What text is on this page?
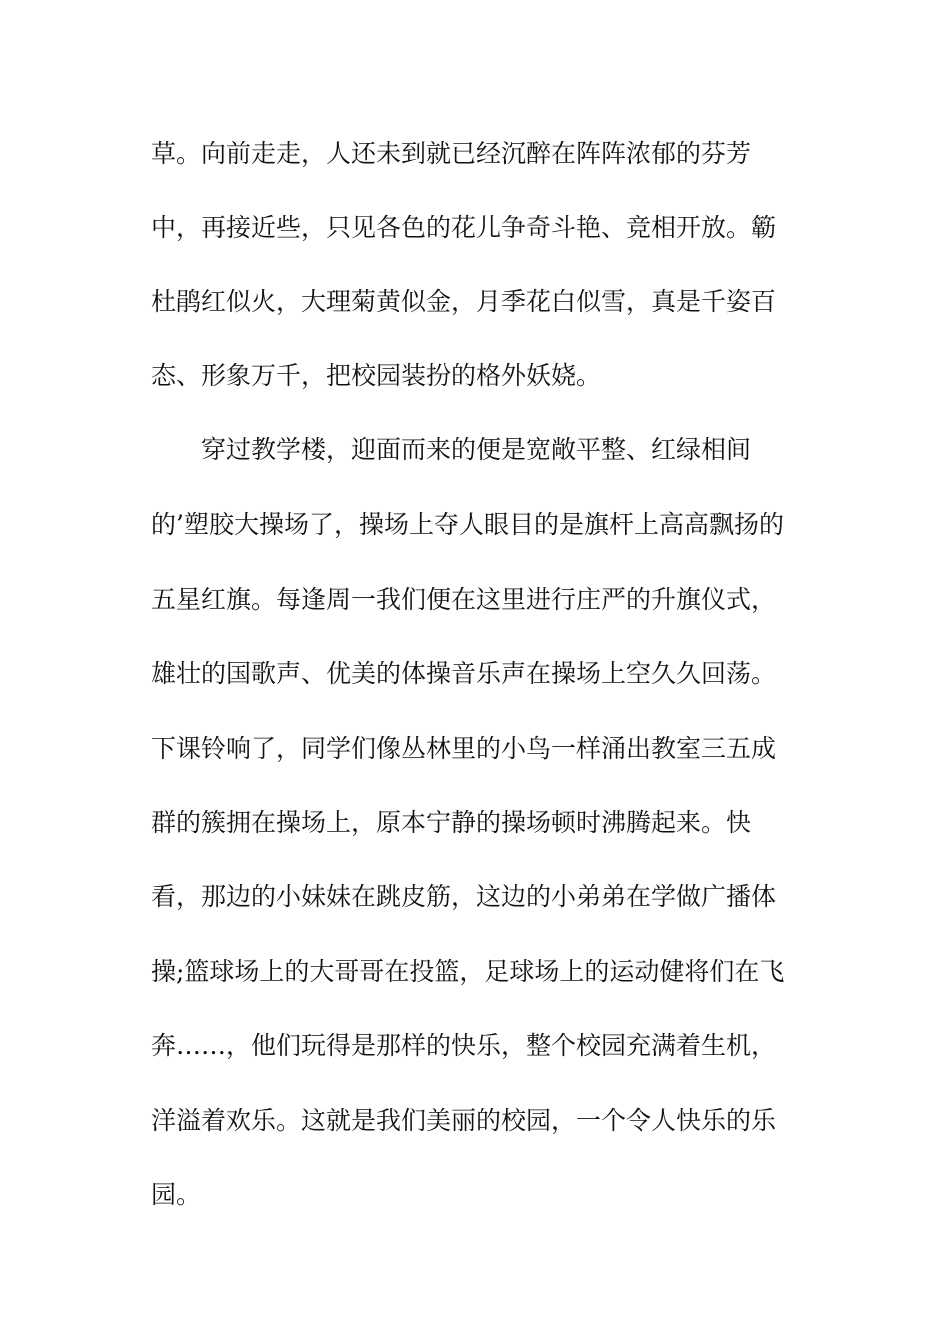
草。向前走走，人还未到就已经沉醉在阵阵浓郁的芬芳
中，再接近些，只见各色的花儿争奇斗艳、竞相开放。簕
杜鹃红似火，大理菊黄似金，月季花白似雪，真是千姿百
态、形象万千，把校园装扮的格外妖娆。
穿过教学楼，迎面而来的便是宽敞平整、红绿相间
的’塑胶大操场了，操场上夺人眼目的是旗杆上高高飘扬的
五星红旗。每逢周一我们便在这里进行庄严的升旗仪式，
雄壮的国歌声、优美的体操音乐声在操场上空久久回荡。
下课铃响了，同学们像丛林里的小鸟一样涌出教室三五成
群的簇拥在操场上，原本宁静的操场顿时沸腾起来。快
看，那边的小妹妹在跳皮筋，这边的小弟弟在学做广播体
操;篮球场上的大哥哥在投篮，足球场上的运动健将们在飞
奔……，他们玩得是那样的快乐，整个校园充满着生机，
洋溢着欢乐。这就是我们美丽的校园，一个令人快乐的乐
园。
